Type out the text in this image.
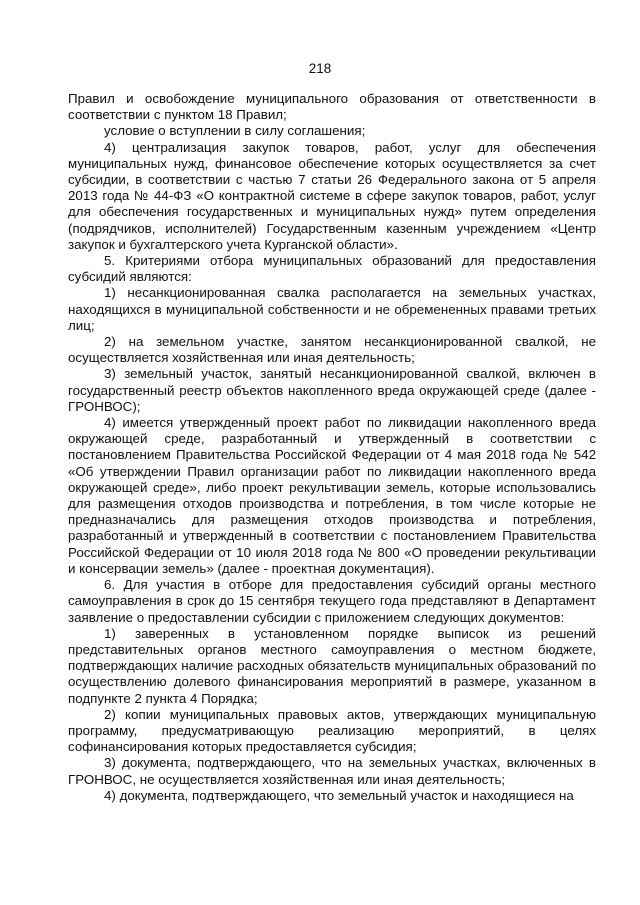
218

Правил и освобождение муниципального образования от ответственности в соответствии с пунктом 18 Правил;

условие о вступлении в силу соглашения;

4) централизация закупок товаров, работ, услуг для обеспечения муниципальных нужд, финансовое обеспечение которых осуществляется за счет субсидии, в соответствии с частью 7 статьи 26 Федерального закона от 5 апреля 2013 года № 44-ФЗ «О контрактной системе в сфере закупок товаров, работ, услуг для обеспечения государственных и муниципальных нужд» путем определения (подрядчиков, исполнителей) Государственным казенным учреждением «Центр закупок и бухгалтерского учета Курганской области».

5. Критериями отбора муниципальных образований для предоставления субсидий являются:

1) несанкционированная свалка располагается на земельных участках, находящихся в муниципальной собственности и не обремененных правами третьих лиц;

2) на земельном участке, занятом несанкционированной свалкой, не осуществляется хозяйственная или иная деятельность;

3) земельный участок, занятый несанкционированной свалкой, включен в государственный реестр объектов накопленного вреда окружающей среде (далее - ГРОНВОС);

4) имеется утвержденный проект работ по ликвидации накопленного вреда окружающей среде, разработанный и утвержденный в соответствии с постановлением Правительства Российской Федерации от 4 мая 2018 года № 542 «Об утверждении Правил организации работ по ликвидации накопленного вреда окружающей среде», либо проект рекультивации земель, которые использовались для размещения отходов производства и потребления, в том числе которые не предназначались для размещения отходов производства и потребления, разработанный и утвержденный в соответствии с постановлением Правительства Российской Федерации от 10 июля 2018 года № 800 «О проведении рекультивации и консервации земель» (далее - проектная документация).

6. Для участия в отборе для предоставления субсидий органы местного самоуправления в срок до 15 сентября текущего года представляют в Департамент заявление о предоставлении субсидии с приложением следующих документов:

1) заверенных в установленном порядке выписок из решений представительных органов местного самоуправления о местном бюджете, подтверждающих наличие расходных обязательств муниципальных образований по осуществлению долевого финансирования мероприятий в размере, указанном в подпункте 2 пункта 4 Порядка;

2) копии муниципальных правовых актов, утверждающих муниципальную программу, предусматривающую реализацию мероприятий, в целях софинансирования которых предоставляется субсидия;

3) документа, подтверждающего, что на земельных участках, включенных в ГРОНВОС, не осуществляется хозяйственная или иная деятельность;

4) документа, подтверждающего, что земельный участок и находящиеся на
